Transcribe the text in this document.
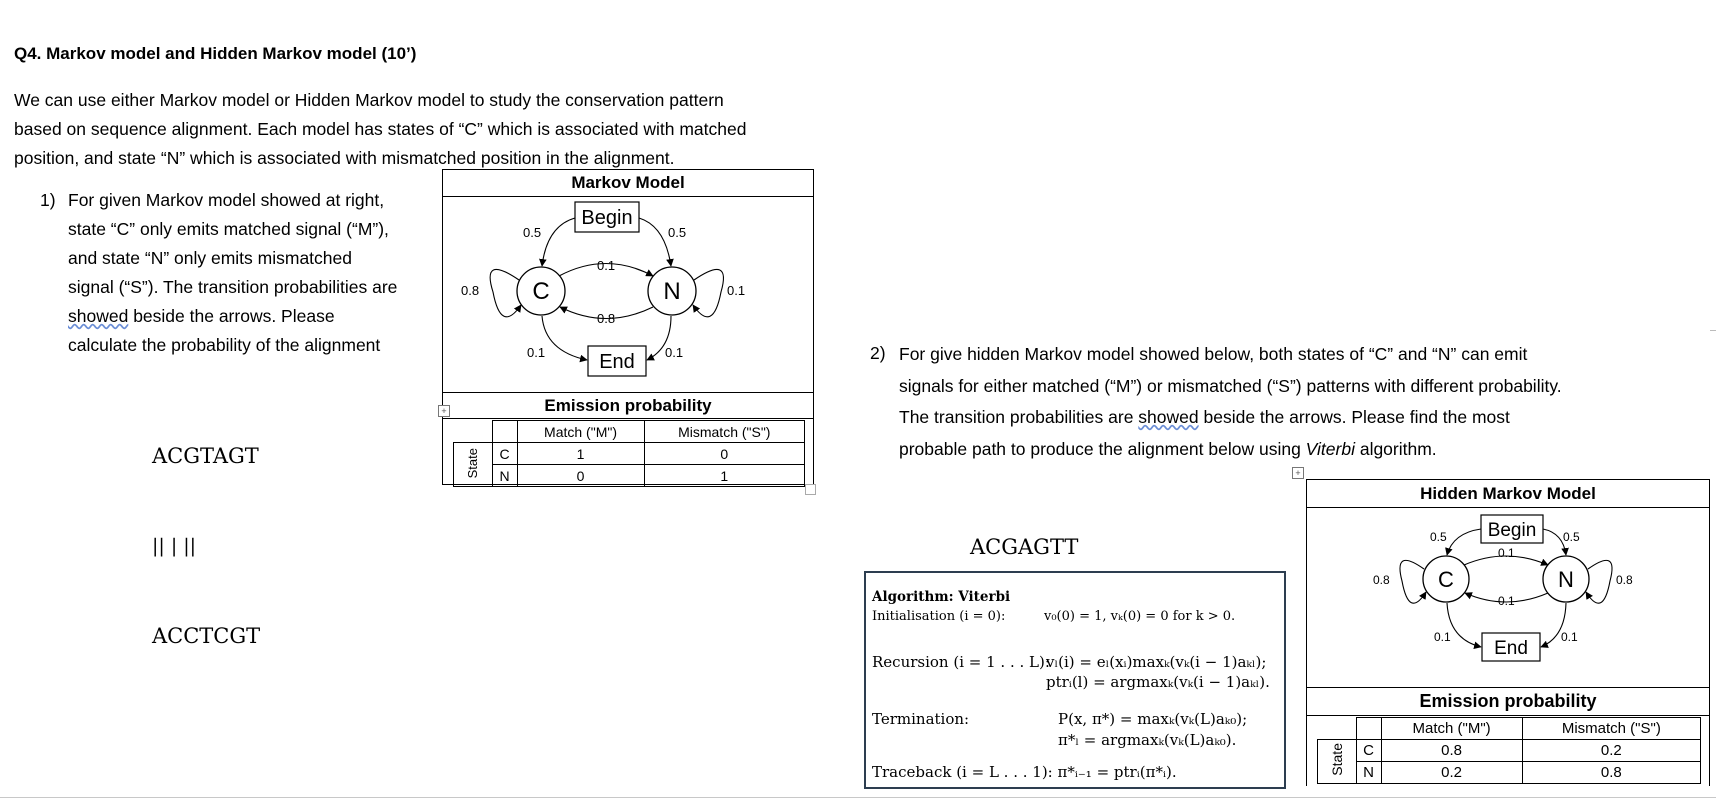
Q4. Markov model and Hidden Markov model (10’)
We can use either Markov model or Hidden Markov model to study the conservation pattern
based on sequence alignment. Each model has states of “C” which is associated with matched
position, and state “N” which is associated with mismatched position in the alignment.
1) For given Markov model showed at right,
state “C” only emits matched signal (“M”),
and state “N” only emits mismatched
signal (“S”). The transition probabilities are
showed beside the arrows. Please
calculate the probability of the alignment

ACGTAGT

|| | ||

ACCTCGT

Markov Model
Begin
End
C	N
0.5	0.5
0.1
0.8
0.8	0.1
0.1	0.1
Emission probability
		Match ("M")	Mismatch ("S")
State	C	1	0
	N	0	1
+
2) For give hidden Markov model showed below, both states of “C” and “N” can emit
signals for either matched (“M”) or mismatched (“S”) patterns with different probability.
The transition probabilities are showed beside the arrows. Please find the most
probable path to produce the alignment below using Viterbi algorithm.

ACGAGTT

Algorithm: Viterbi
Initialisation (i = 0):	v₀(0) = 1, vₖ(0) = 0 for k > 0.
Recursion (i = 1 . . . L):
vₗ(i) = eₗ(xᵢ)maxₖ(vₖ(i − 1)aₖₗ);
ptrᵢ(l) = argmaxₖ(vₖ(i − 1)aₖₗ).
Termination:	P(x, π*) = maxₖ(vₖ(L)aₖ₀);
π*ₗ = argmaxₖ(vₖ(L)aₖ₀).
Traceback (i = L . . . 1): π*ᵢ₋₁ = ptrᵢ(π*ᵢ).
+
Hidden Markov Model
Begin
End
C	N
0.5	0.5
0.1
0.1
0.8	0.8
0.1	0.1
Emission probability
		Match ("M")	Mismatch ("S")
State	C	0.8	0.2
	N	0.2	0.8
